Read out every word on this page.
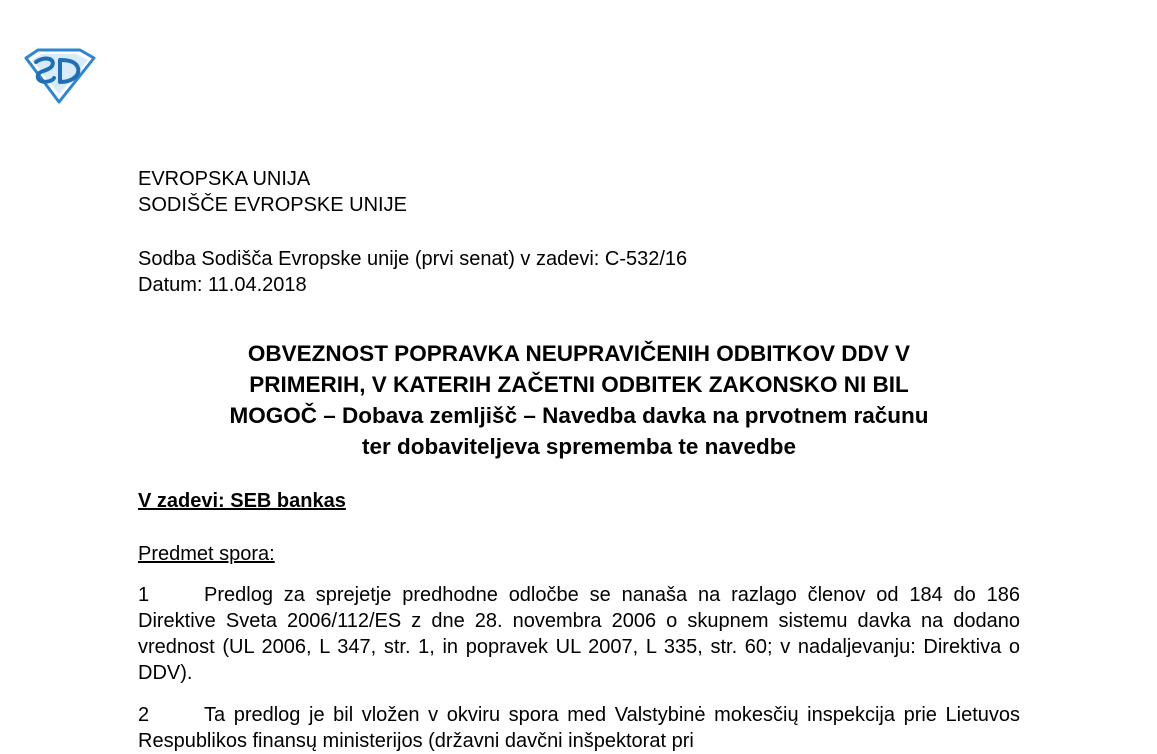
EVROPSKA UNIJA
SODIŠČE EVROPSKE UNIJE
Sodba Sodišča Evropske unije (prvi senat) v zadevi: C-532/16
Datum: 11.04.2018
OBVEZNOST POPRAVKA NEUPRAVIČENIH ODBITKOV DDV V
PRIMERIH, V KATERIH ZAČETNI ODBITEK ZAKONSKO NI BIL
MOGOČ – Dobava zemljišč – Navedba davka na prvotnem računu
ter dobaviteljeva sprememba te navedbe
V zadevi: SEB bankas
Predmet spora:
1	Predlog za sprejetje predhodne odločbe se nanaša na razlago členov od 184 do 186 Direktive Sveta 2006/112/ES z dne 28. novembra 2006 o skupnem sistemu davka na dodano vrednost (UL 2006, L 347, str. 1, in popravek UL 2007, L 335, str. 60; v nadaljevanju: Direktiva o DDV).
2	Ta predlog je bil vložen v okviru spora med Valstybinė mokesčių inspekcija prie Lietuvos Respublikos finansų ministerijos (državni davčni inšpektorat pri
